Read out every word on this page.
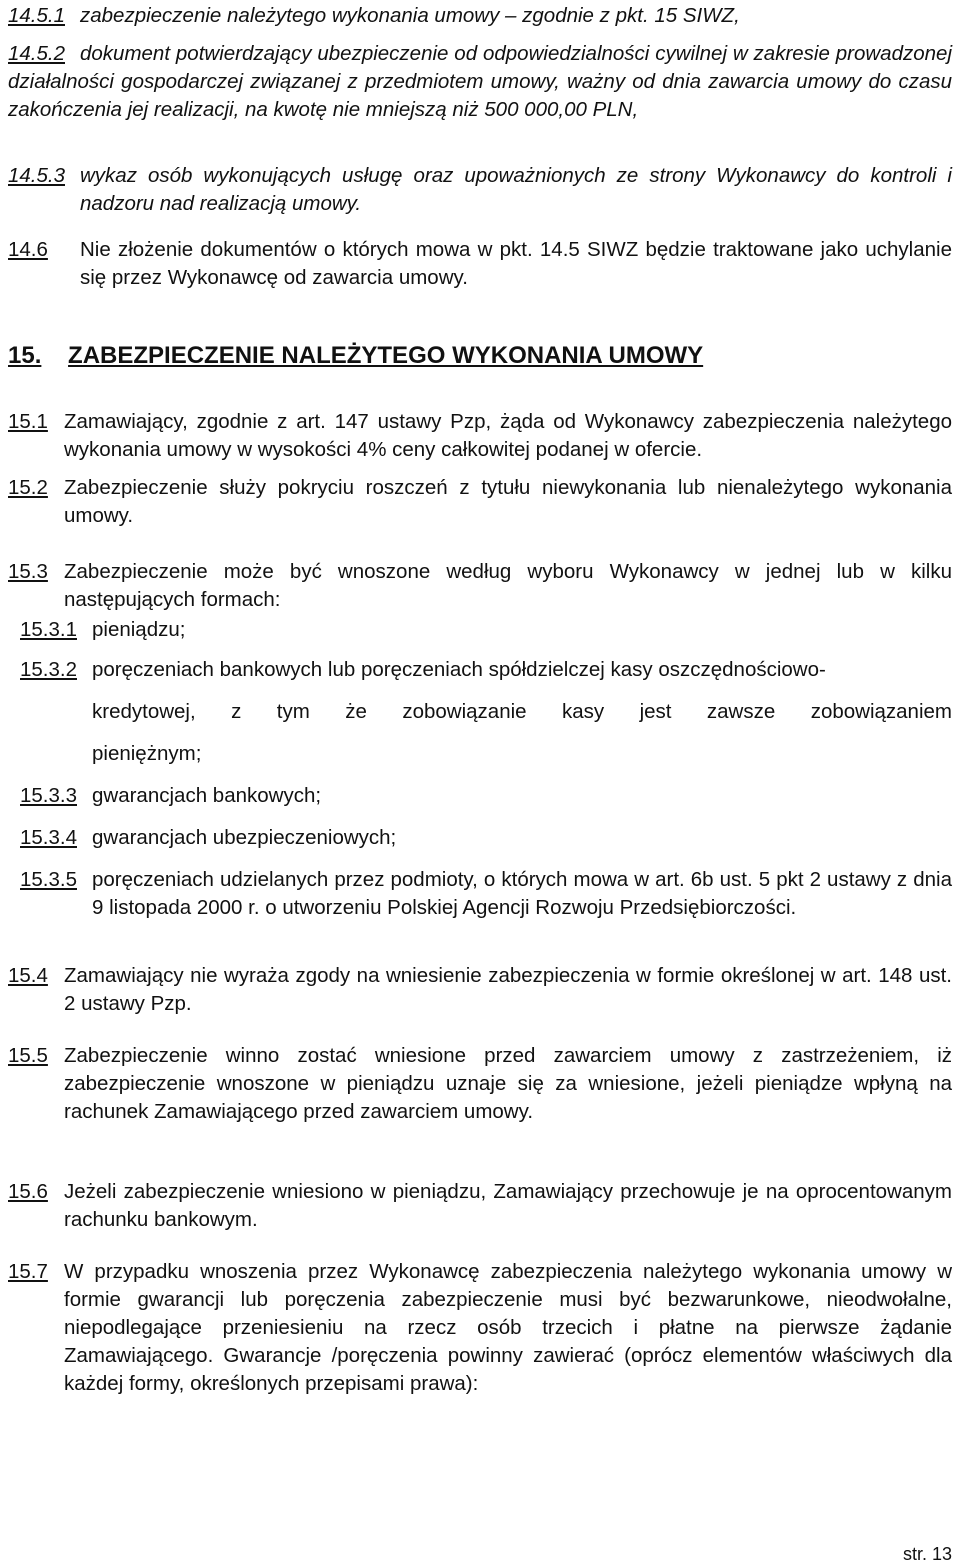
14.5.1 zabezpieczenie należytego wykonania umowy – zgodnie z pkt. 15 SIWZ,
14.5.2 dokument potwierdzający ubezpieczenie od odpowiedzialności cywilnej w zakresie prowadzonej działalności gospodarczej związanej z przedmiotem umowy, ważny od dnia zawarcia umowy do czasu zakończenia jej realizacji, na kwotę nie mniejszą niż 500 000,00 PLN,
14.5.3 wykaz osób wykonujących usługę oraz upoważnionych ze strony Wykonawcy do kontroli i nadzoru nad realizacją umowy.
14.6 Nie złożenie dokumentów o których mowa w pkt. 14.5 SIWZ będzie traktowane jako uchylanie się przez Wykonawcę od zawarcia umowy.
15. ZABEZPIECZENIE NALEŻYTEGO WYKONANIA UMOWY
15.1 Zamawiający, zgodnie z art. 147 ustawy Pzp, żąda od Wykonawcy zabezpieczenia należytego wykonania umowy w wysokości 4% ceny całkowitej podanej w ofercie.
15.2 Zabezpieczenie służy pokryciu roszczeń z tytułu niewykonania lub nienależytego wykonania umowy.
15.3 Zabezpieczenie może być wnoszone według wyboru Wykonawcy w jednej lub w kilku następujących formach:
15.3.1 pieniądzu;
15.3.2 poręczeniach bankowych lub poręczeniach spółdzielczej kasy oszczędnościowo-
kredytowej, z tym że zobowiązanie kasy jest zawsze zobowiązaniem
pieniężnym;
15.3.3 gwarancjach bankowych;
15.3.4 gwarancjach ubezpieczeniowych;
15.3.5 poręczeniach udzielanych przez podmioty, o których mowa w art. 6b ust. 5 pkt 2 ustawy z dnia 9 listopada 2000 r. o utworzeniu Polskiej Agencji Rozwoju Przedsiębiorczości.
15.4 Zamawiający nie wyraża zgody na wniesienie zabezpieczenia w formie określonej w art. 148 ust. 2 ustawy Pzp.
15.5 Zabezpieczenie winno zostać wniesione przed zawarciem umowy z zastrzeżeniem, iż zabezpieczenie wnoszone w pieniądzu uznaje się za wniesione, jeżeli pieniądze wpłyną na rachunek Zamawiającego przed zawarciem umowy.
15.6 Jeżeli zabezpieczenie wniesiono w pieniądzu, Zamawiający przechowuje je na oprocentowanym rachunku bankowym.
15.7 W przypadku wnoszenia przez Wykonawcę zabezpieczenia należytego wykonania umowy w formie gwarancji lub poręczenia zabezpieczenie musi być bezwarunkowe, nieodwołalne, niepodlegające przeniesieniu na rzecz osób trzecich i płatne na pierwsze żądanie Zamawiającego. Gwarancje /poręczenia powinny zawierać (oprócz elementów właściwych dla każdej formy, określonych przepisami prawa):
str. 13
